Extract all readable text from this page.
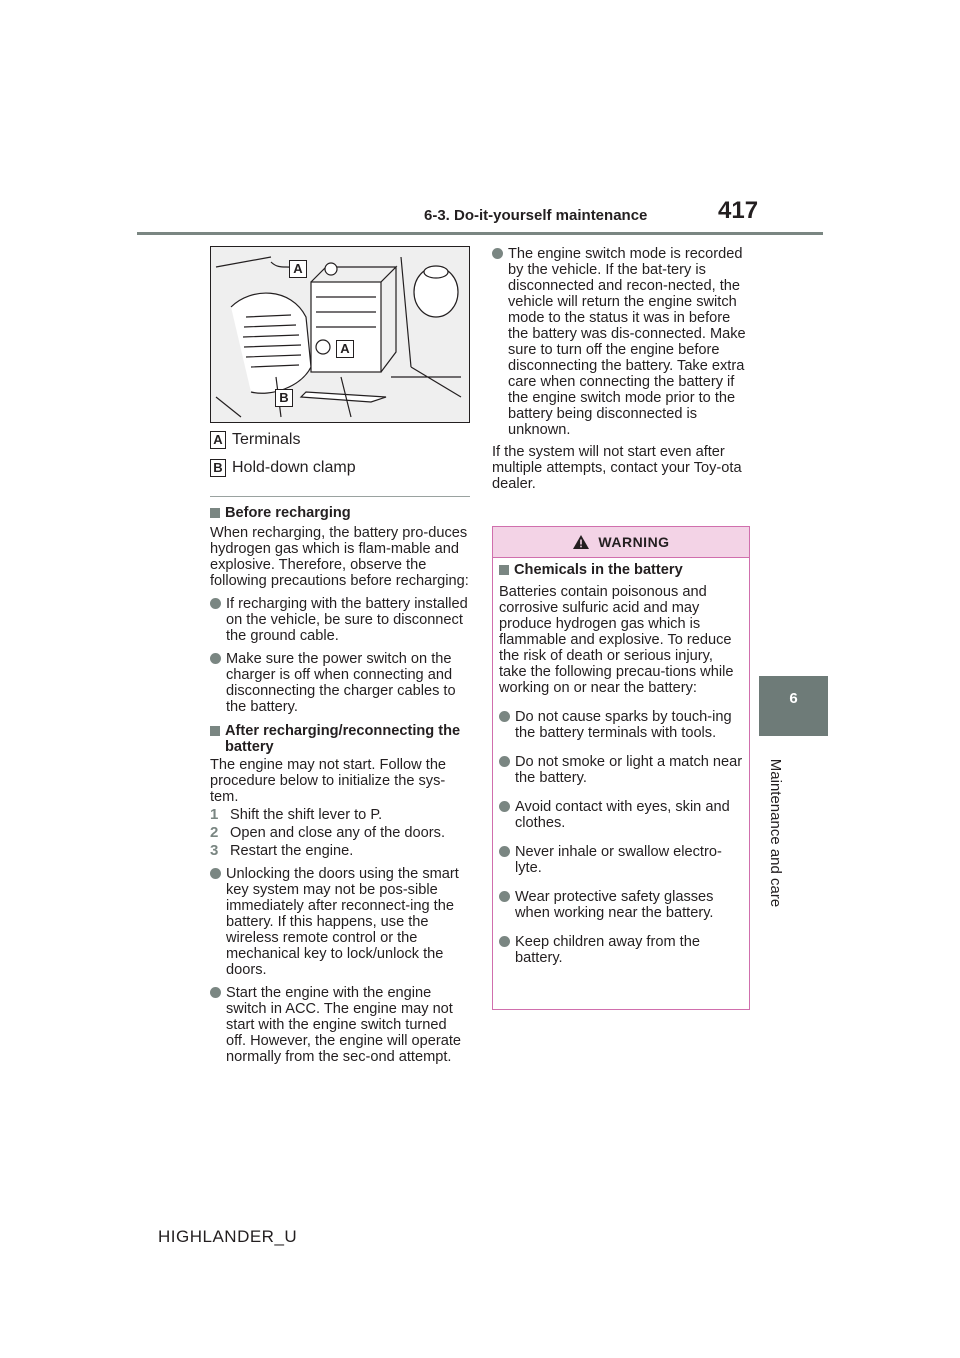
6-3. Do-it-yourself maintenance	417
6
Maintenance and care
A
A
B
A Terminals
B Hold-down clamp
Before recharging
When recharging, the battery pro-duces hydrogen gas which is flam-mable and explosive. Therefore, observe the following precautions before recharging:
If recharging with the battery installed on the vehicle, be sure to disconnect the ground cable.
Make sure the power switch on the charger is off when connecting and disconnecting the charger cables to the battery.
After recharging/reconnecting the battery
The engine may not start. Follow the procedure below to initialize the sys-tem.
1 Shift the shift lever to P.
2 Open and close any of the doors.
3 Restart the engine.
Unlocking the doors using the smart key system may not be pos-sible immediately after reconnect-ing the battery. If this happens, use the wireless remote control or the mechanical key to lock/unlock the doors.
Start the engine with the engine switch in ACC. The engine may not start with the engine switch turned off. However, the engine will operate normally from the sec-ond attempt.
The engine switch mode is recorded by the vehicle. If the bat-tery is disconnected and recon-nected, the vehicle will return the engine switch mode to the status it was in before the battery was dis-connected. Make sure to turn off the engine before disconnecting the battery. Take extra care when connecting the battery if the engine switch mode prior to the battery being disconnected is unknown.
If the system will not start even after multiple attempts, contact your Toy-ota dealer.
WARNING
Chemicals in the battery
Batteries contain poisonous and corrosive sulfuric acid and may produce hydrogen gas which is flammable and explosive. To reduce the risk of death or serious injury, take the following precau-tions while working on or near the battery:
Do not cause sparks by touch-ing the battery terminals with tools.
Do not smoke or light a match near the battery.
Avoid contact with eyes, skin and clothes.
Never inhale or swallow electro-lyte.
Wear protective safety glasses when working near the battery.
Keep children away from the battery.
HIGHLANDER_U
